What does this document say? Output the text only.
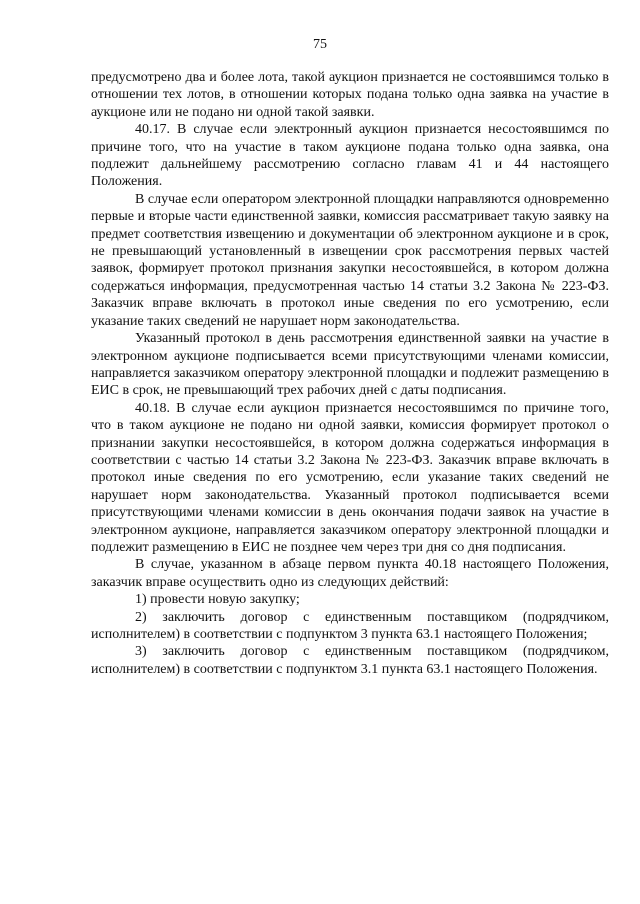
75

предусмотрено два и более лота, такой аукцион признается не состоявшимся только в отношении тех лотов, в отношении которых подана только одна заявка на участие в аукционе или не подано ни одной такой заявки.

40.17. В случае если электронный аукцион признается несостоявшимся по причине того, что на участие в таком аукционе подана только одна заявка, она подлежит дальнейшему рассмотрению согласно главам 41 и 44 настоящего Положения.

В случае если оператором электронной площадки направляются одновременно первые и вторые части единственной заявки, комиссия рассматривает такую заявку на предмет соответствия извещению и документации об электронном аукционе и в срок, не превышающий установленный в извещении срок рассмотрения первых частей заявок, формирует протокол признания закупки несостоявшейся, в котором должна содержаться информация, предусмотренная частью 14 статьи 3.2 Закона № 223-ФЗ. Заказчик вправе включать в протокол иные сведения по его усмотрению, если указание таких сведений не нарушает норм законодательства.

Указанный протокол в день рассмотрения единственной заявки на участие в электронном аукционе подписывается всеми присутствующими членами комиссии, направляется заказчиком оператору электронной площадки и подлежит размещению в ЕИС в срок, не превышающий трех рабочих дней с даты подписания.

40.18. В случае если аукцион признается несостоявшимся по причине того, что в таком аукционе не подано ни одной заявки, комиссия формирует протокол о признании закупки несостоявшейся, в котором должна содержаться информация в соответствии с частью 14 статьи 3.2 Закона № 223-ФЗ. Заказчик вправе включать в протокол иные сведения по его усмотрению, если указание таких сведений не нарушает норм законодательства. Указанный протокол подписывается всеми присутствующими членами комиссии в день окончания подачи заявок на участие в электронном аукционе, направляется заказчиком оператору электронной площадки и подлежит размещению в ЕИС не позднее чем через три дня со дня подписания.

В случае, указанном в абзаце первом пункта 40.18 настоящего Положения, заказчик вправе осуществить одно из следующих действий:

1) провести новую закупку;

2) заключить договор с единственным поставщиком (подрядчиком, исполнителем) в соответствии с подпунктом 3 пункта 63.1 настоящего Положения;

3) заключить договор с единственным поставщиком (подрядчиком, исполнителем) в соответствии с подпунктом 3.1 пункта 63.1 настоящего Положения.
